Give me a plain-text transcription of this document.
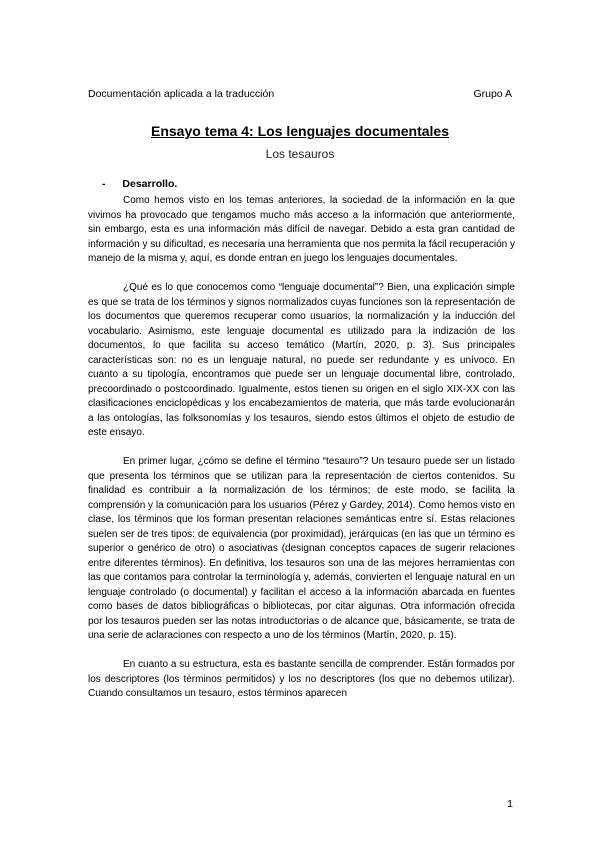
Documentación aplicada a la traducción	Grupo A
Ensayo tema 4: Los lenguajes documentales
Los tesauros
- Desarrollo.

Como hemos visto en los temas anteriores, la sociedad de la información en la que vivimos ha provocado que tengamos mucho más acceso a la información que anteriormente, sin embargo, esta es una información más difícil de navegar. Debido a esta gran cantidad de información y su dificultad, es necesaria una herramienta que nos permita la fácil recuperación y manejo de la misma y, aquí, es donde entran en juego los lenguajes documentales.

¿Qué es lo que conocemos como “lenguaje documental”? Bien, una explicación simple es que se trata de los términos y signos normalizados cuyas funciones son la representación de los documentos que queremos recuperar como usuarios, la normalización y la inducción del vocabulario. Asimismo, este lenguaje documental es utilizado para la indización de los documentos, lo que facilita su acceso temático (Martín, 2020, p. 3). Sus principales características son: no es un lenguaje natural, no puede ser redundante y es unívoco. En cuanto a su tipología, encontramos que puede ser un lenguaje documental libre, controlado, precoordinado o postcoordinado. Igualmente, estos tienen su origen en el siglo XIX-XX con las clasificaciones enciclopédicas y los encabezamientos de materia, que más tarde evolucionarán a las ontologías, las folksonomías y los tesauros, siendo estos últimos el objeto de estudio de este ensayo.

En primer lugar, ¿cómo se define el término “tesauro”? Un tesauro puede ser un listado que presenta los términos que se utilizan para la representación de ciertos contenidos. Su finalidad es contribuir a la normalización de los términos; de este modo, se facilita la comprensión y la comunicación para los usuarios (Pérez y Gardey, 2014). Como hemos visto en clase, los términos que los forman presentan relaciones semánticas entre sí. Estas relaciones suelen ser de tres tipos: de equivalencia (por proximidad), jerárquicas (en las que un término es superior o genérico de otro) o asociativas (designan conceptos capaces de sugerir relaciones entre diferentes términos). En definitiva, los tesauros son una de las mejores herramientas con las que contamos para controlar la terminología y, además, convierten el lenguaje natural en un lenguaje controlado (o documental) y facilitan el acceso a la información abarcada en fuentes como bases de datos bibliográficas o bibliotecas, por citar algunas. Otra información ofrecida por los tesauros pueden ser las notas introductorias o de alcance que, básicamente, se trata de una serie de aclaraciones con respecto a uno de los términos (Martín, 2020, p. 15).

En cuanto a su estructura, esta es bastante sencilla de comprender. Están formados por los descriptores (los términos permitidos) y los no descriptores (los que no debemos utilizar). Cuando consultamos un tesauro, estos términos aparecen

1
